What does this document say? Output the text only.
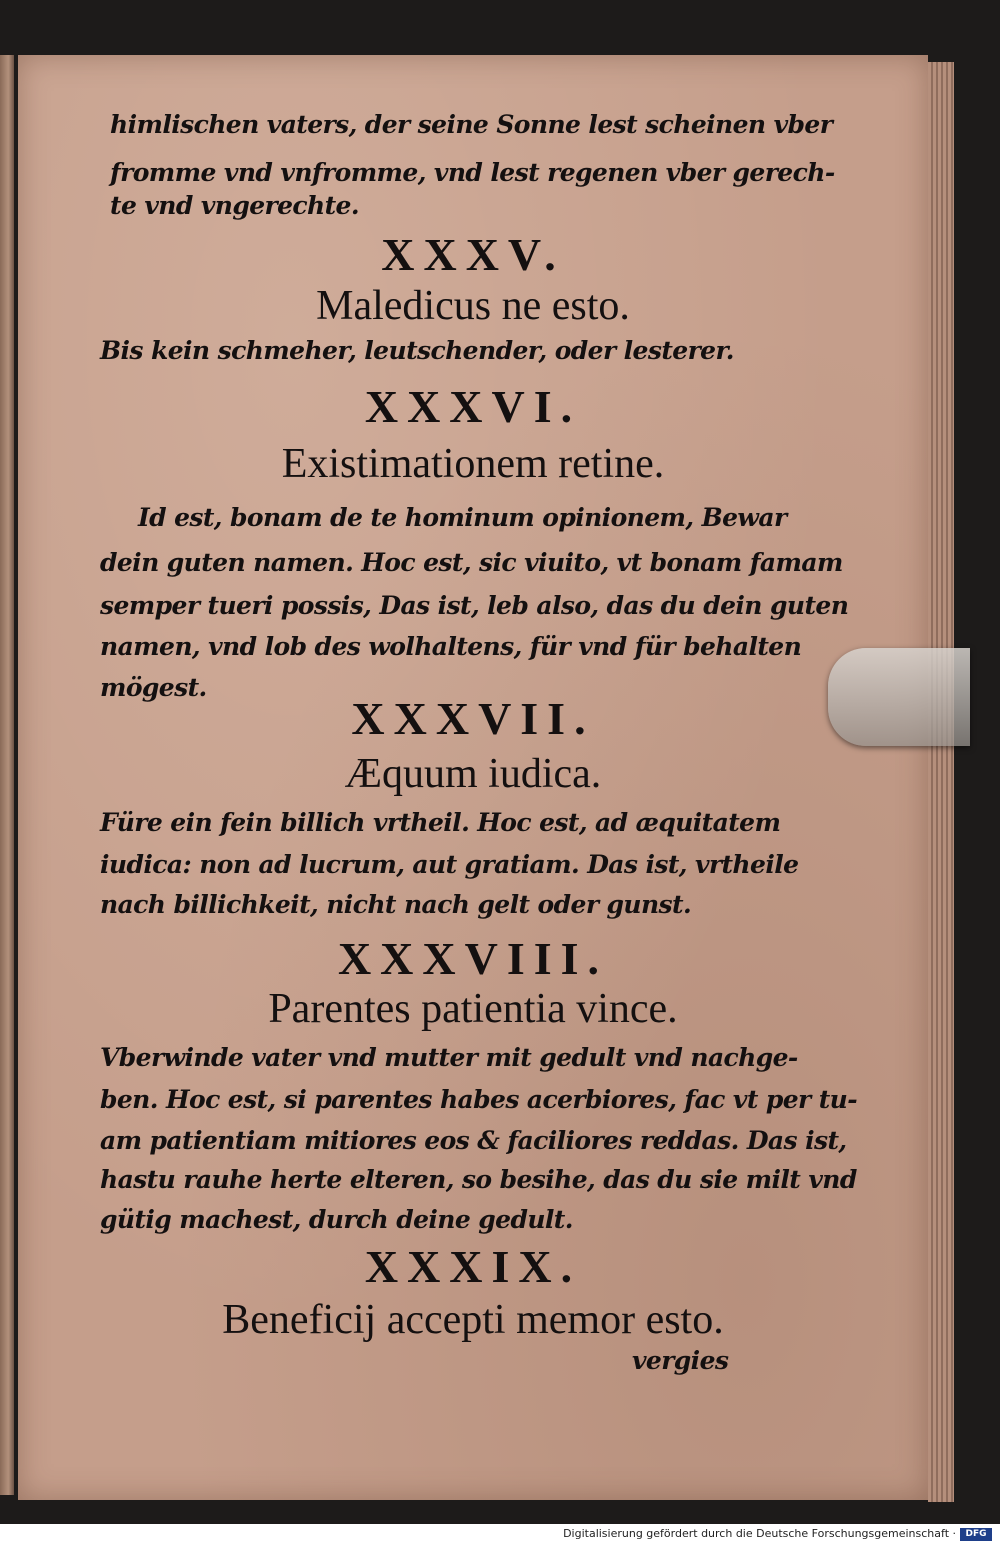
himlischen vaters, der seine Sonne lest scheinen vber

fromme vnd vnfromme, vnd lest regenen vber gerech-

te vnd vngerechte.

XXXV.

Maledicus ne esto.

Bis kein schmeher, leutschender, oder lesterer.

XXXVI.

Existimationem retine.

Id est, bonam de te hominum opinionem, Bewar

dein guten namen. Hoc est, sic viuito, vt bonam famam

semper tueri possis, Das ist, leb also, das du dein guten

namen, vnd lob des wolhaltens, für vnd für behalten

mögest.

XXXVII.

Æquum iudica.

Füre ein fein billich vrtheil. Hoc est, ad æquitatem

iudica: non ad lucrum, aut gratiam. Das ist, vrtheile

nach billichkeit, nicht nach gelt oder gunst.

XXXVIII.

Parentes patientia vince.

Vberwinde vater vnd mutter mit gedult vnd nachge-

ben. Hoc est, si parentes habes acerbiores, fac vt per tu-

am patientiam mitiores eos & faciliores reddas. Das ist,

hastu rauhe herte elteren, so besihe, das du sie milt vnd

gütig machest, durch deine gedult.

XXXIX.

Beneficij accepti memor esto.

vergies

Digitalisierung gefördert durch die Deutsche Forschungsgemeinschaft ·	DFG
